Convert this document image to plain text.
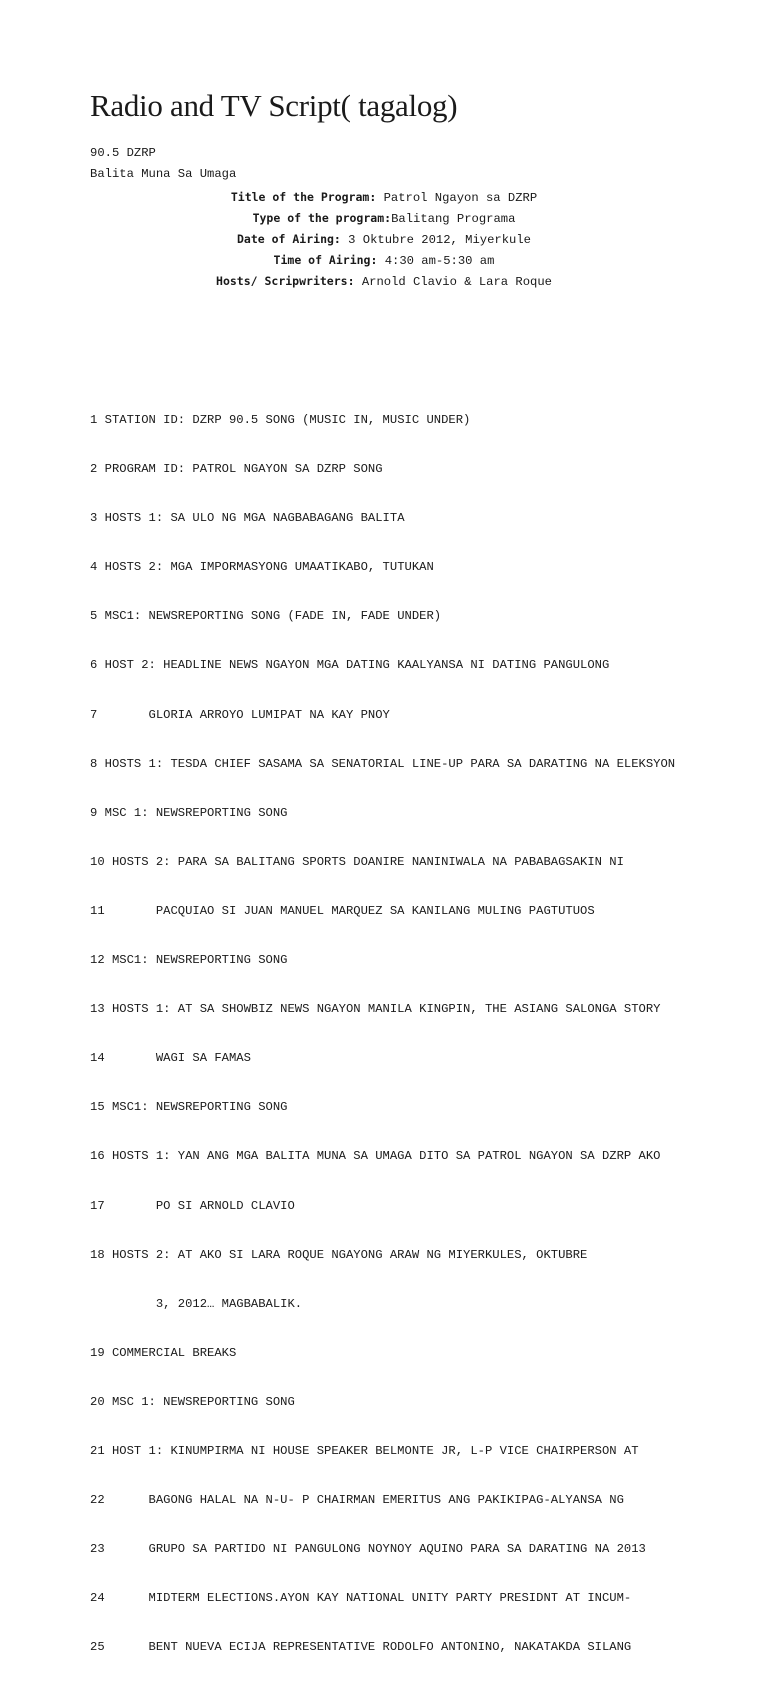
Radio and TV Script( tagalog)
90.5 DZRP
Balita Muna Sa Umaga
Title of the Program: Patrol Ngayon sa DZRP
Type of the program:Balitang Programa
Date of Airing: 3 Oktubre 2012, Miyerkule
Time of Airing: 4:30 am-5:30 am
Hosts/ Scripwriters: Arnold Clavio & Lara Roque

1 STATION ID: DZRP 90.5 SONG (MUSIC IN, MUSIC UNDER)

2 PROGRAM ID: PATROL NGAYON SA DZRP SONG

3 HOSTS 1: SA ULO NG MGA NAGBABAGANG BALITA

4 HOSTS 2: MGA IMPORMASYONG UMAATIKABO, TUTUKAN

5 MSC1: NEWSREPORTING SONG (FADE IN, FADE UNDER)

6 HOST 2: HEADLINE NEWS NGAYON MGA DATING KAALYANSA NI DATING PANGULONG

7	GLORIA ARROYO LUMIPAT NA KAY PNOY

8 HOSTS 1: TESDA CHIEF SASAMA SA SENATORIAL LINE-UP PARA SA DARATING NA ELEKSYON

9 MSC 1: NEWSREPORTING SONG

10 HOSTS 2: PARA SA BALITANG SPORTS DOANIRE NANINIWALA NA PABABAGSAKIN NI

11	PACQUIAO SI JUAN MANUEL MARQUEZ SA KANILANG MULING PAGTUTUOS

12 MSC1: NEWSREPORTING SONG

13 HOSTS 1: AT SA SHOWBIZ NEWS NGAYON MANILA KINGPIN, THE ASIANG SALONGA STORY

14	WAGI SA FAMAS

15 MSC1: NEWSREPORTING SONG

16 HOSTS 1: YAN ANG MGA BALITA MUNA SA UMAGA DITO SA PATROL NGAYON SA DZRP AKO

17	PO SI ARNOLD CLAVIO

18 HOSTS 2: AT AKO SI LARA ROQUE NGAYONG ARAW NG MIYERKULES, OKTUBRE

3, 2012… MAGBABALIK.

19 COMMERCIAL BREAKS

20 MSC 1: NEWSREPORTING SONG

21 HOST 1: KINUMPIRMA NI HOUSE SPEAKER BELMONTE JR, L-P VICE CHAIRPERSON AT

22	BAGONG HALAL NA N-U- P CHAIRMAN EMERITUS ANG PAKIKIPAG-ALYANSA NG

23	GRUPO SA PARTIDO NI PANGULONG NOYNOY AQUINO PARA SA DARATING NA 2013

24	MIDTERM ELECTIONS.AYON KAY NATIONAL UNITY PARTY PRESIDNT AT INCUM-

25	BENT NUEVA ECIJA REPRESENTATIVE RODOLFO ANTONINO, NAKATAKDA SILANG
